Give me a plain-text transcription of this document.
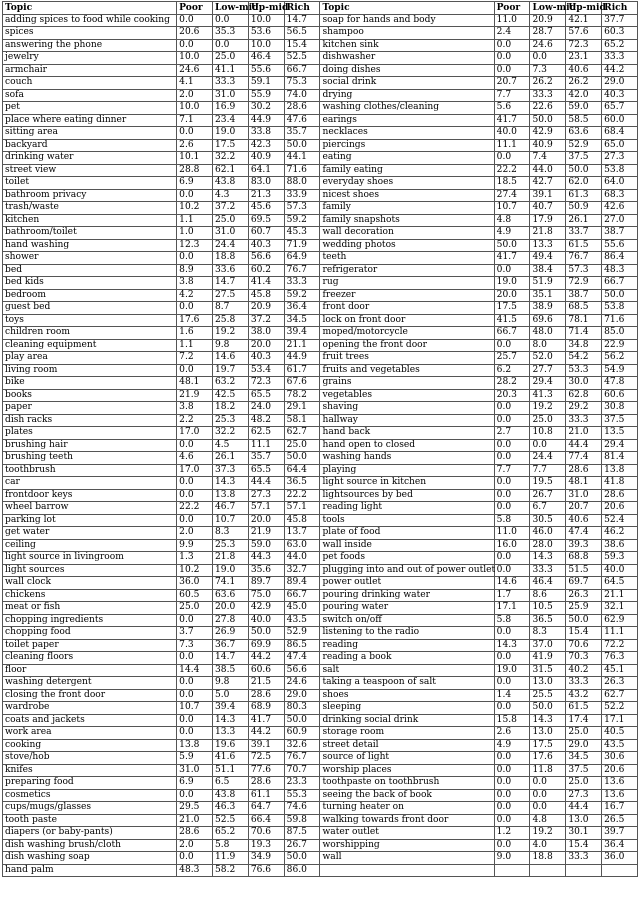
Topic	Poor	Low-mid	Up-mid	Rich	Topic	Poor	Low-mid	Up-mid	Rich
adding spices to food while cooking	0.0	0.0	10.0	14.7	soap for hands and body	11.0	20.9	42.1	37.7
spices	20.6	35.3	53.6	56.5	shampoo	2.4	28.7	57.6	60.3
answering the phone	0.0	0.0	10.0	15.4	kitchen sink	0.0	24.6	72.3	65.2
jewelry	10.0	25.0	46.4	52.5	dishwasher	0.0	0.0	23.1	33.3
armchair	24.6	41.1	55.6	66.7	doing dishes	0.0	7.3	40.6	44.2
couch	4.1	33.3	59.1	75.3	social drink	20.7	26.2	26.2	29.0
sofa	2.0	31.0	55.9	74.0	drying	7.7	33.3	42.0	40.3
pet	10.0	16.9	30.2	28.6	washing clothes/cleaning	5.6	22.6	59.0	65.7
place where eating dinner	7.1	23.4	44.9	47.6	earings	41.7	50.0	58.5	60.0
sitting area	0.0	19.0	33.8	35.7	necklaces	40.0	42.9	63.6	68.4
backyard	2.6	17.5	42.3	50.0	piercings	11.1	40.9	52.9	65.0
drinking water	10.1	32.2	40.9	44.1	eating	0.0	7.4	37.5	27.3
street view	28.8	62.1	64.1	71.6	family eating	22.2	44.0	50.0	53.8
toilet	6.9	43.8	83.0	88.0	everyday shoes	18.5	42.7	62.0	64.0
bathroom privacy	0.0	4.3	21.3	33.9	nicest shoes	27.4	39.1	61.3	68.3
trash/waste	10.2	37.2	45.6	57.3	family	10.7	40.7	50.9	42.6
kitchen	1.1	25.0	69.5	59.2	family snapshots	4.8	17.9	26.1	27.0
bathroom/toilet	1.0	31.0	60.7	45.3	wall decoration	4.9	21.8	33.7	38.7
hand washing	12.3	24.4	40.3	71.9	wedding photos	50.0	13.3	61.5	55.6
shower	0.0	18.8	56.6	64.9	teeth	41.7	49.4	76.7	86.4
bed	8.9	33.6	60.2	76.7	refrigerator	0.0	38.4	57.3	48.3
bed kids	3.8	14.7	41.4	33.3	rug	19.0	51.9	72.9	66.7
bedroom	4.2	27.5	45.8	59.2	freezer	20.0	35.1	38.7	50.0
guest bed	0.0	8.7	20.9	36.4	front door	17.5	38.9	68.5	53.8
toys	17.6	25.8	37.2	34.5	lock on front door	41.5	69.6	78.1	71.6
children room	1.6	19.2	38.0	39.4	moped/motorcycle	66.7	48.0	71.4	85.0
cleaning equipment	1.1	9.8	20.0	21.1	opening the front door	0.0	8.0	34.8	22.9
play area	7.2	14.6	40.3	44.9	fruit trees	25.7	52.0	54.2	56.2
living room	0.0	19.7	53.4	61.7	fruits and vegetables	6.2	27.7	53.3	54.9
bike	48.1	63.2	72.3	67.6	grains	28.2	29.4	30.0	47.8
books	21.9	42.5	65.5	78.2	vegetables	20.3	41.3	62.8	60.6
paper	3.8	18.2	24.0	29.1	shaving	0.0	19.2	29.2	30.8
dish racks	2.2	25.3	48.2	58.1	hallway	0.0	25.0	33.3	37.5
plates	17.0	32.2	62.5	62.7	hand back	2.7	10.8	21.0	13.5
brushing hair	0.0	4.5	11.1	25.0	hand open to closed	0.0	0.0	44.4	29.4
brushing teeth	4.6	26.1	35.7	50.0	washing hands	0.0	24.4	77.4	81.4
toothbrush	17.0	37.3	65.5	64.4	playing	7.7	7.7	28.6	13.8
car	0.0	14.3	44.4	36.5	light source in kitchen	0.0	19.5	48.1	41.8
frontdoor keys	0.0	13.8	27.3	22.2	lightsources by bed	0.0	26.7	31.0	28.6
wheel barrow	22.2	46.7	57.1	57.1	reading light	0.0	6.7	20.7	20.6
parking lot	0.0	10.7	20.0	45.8	tools	5.8	30.5	40.6	52.4
get water	2.0	8.3	21.9	13.7	plate of food	11.0	46.0	47.4	46.2
ceiling	9.9	25.3	59.0	63.0	wall inside	16.0	28.0	39.3	38.6
light source in livingroom	1.3	21.8	44.3	44.0	pet foods	0.0	14.3	68.8	59.3
light sources	10.2	19.0	35.6	32.7	plugging into and out of power outlet	0.0	33.3	51.5	40.0
wall clock	36.0	74.1	89.7	89.4	power outlet	14.6	46.4	69.7	64.5
chickens	60.5	63.6	75.0	66.7	pouring drinking water	1.7	8.6	26.3	21.1
meat or fish	25.0	20.0	42.9	45.0	pouring water	17.1	10.5	25.9	32.1
chopping ingredients	0.0	27.8	40.0	43.5	switch on/off	5.8	36.5	50.0	62.9
chopping food	3.7	26.9	50.0	52.9	listening to the radio	0.0	8.3	15.4	11.1
toilet paper	7.3	36.7	69.9	86.5	reading	14.3	37.0	70.6	72.2
cleaning floors	0.0	14.7	44.2	47.4	reading a book	0.0	41.9	70.3	76.3
floor	14.4	38.5	60.6	56.6	salt	19.0	31.5	40.2	45.1
washing detergent	0.0	9.8	21.5	24.6	taking a teaspoon of salt	0.0	13.0	33.3	26.3
closing the front door	0.0	5.0	28.6	29.0	shoes	1.4	25.5	43.2	62.7
wardrobe	10.7	39.4	68.9	80.3	sleeping	0.0	50.0	61.5	52.2
coats and jackets	0.0	14.3	41.7	50.0	drinking social drink	15.8	14.3	17.4	17.1
work area	0.0	13.3	44.2	60.9	storage room	2.6	13.0	25.0	40.5
cooking	13.8	19.6	39.1	32.6	street detail	4.9	17.5	29.0	43.5
stove/hob	5.9	41.6	72.5	76.7	source of light	0.0	17.6	34.5	30.6
knifes	31.0	51.1	77.6	70.7	worship places	0.0	11.8	37.5	20.6
preparing food	6.9	6.5	28.6	23.3	toothpaste on toothbrush	0.0	0.0	25.0	13.6
cosmetics	0.0	43.8	61.1	55.3	seeing the back of book	0.0	0.0	27.3	13.6
cups/mugs/glasses	29.5	46.3	64.7	74.6	turning heater on	0.0	0.0	44.4	16.7
tooth paste	21.0	52.5	66.4	59.8	walking towards front door	0.0	4.8	13.0	26.5
diapers (or baby-pants)	28.6	65.2	70.6	87.5	water outlet	1.2	19.2	30.1	39.7
dish washing brush/cloth	2.0	5.8	19.3	26.7	worshipping	0.0	4.0	15.4	36.4
dish washing soap	0.0	11.9	34.9	50.0	wall	9.0	18.8	33.3	36.0
hand palm	48.3	58.2	76.6	86.0					
